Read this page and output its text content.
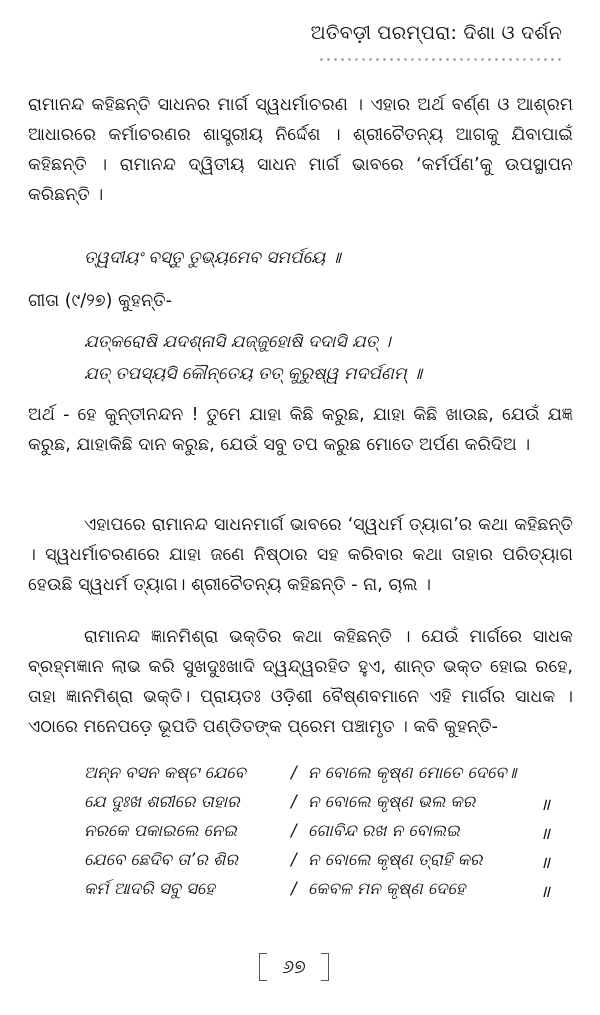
ଅତିବଡ଼ୀ ପରମ୍ପରା: ଦିଶା ଓ ଦର୍ଶନ
ରାମାନନ୍ଦ କହିଛନ୍ତି ସାଧନର ମାର୍ଗ ସ୍ୱଧର୍ମାଚରଣ । ଏହାର ଅର୍ଥ ବର୍ଣ୍ଣ ଓ ଆଶ୍ରମ ଆଧାରରେ କର୍ମାଚରଣର ଶାସ୍ତ୍ରୀୟ ନିର୍ଦ୍ଦେଶ । ଶ୍ରୀଚୈତନ୍ୟ ଆଗକୁ ଯିବାପାଇଁ କହିଛନ୍ତି । ରାମାନନ୍ଦ ଦ୍ୱିତୀୟ ସାଧନ ମାର୍ଗ ଭାବରେ ‘କର୍ମର୍ପଣ’କୁ ଉପସ୍ଥାପନ କରିଛନ୍ତି ।
ତ୍ୱଦୀୟଂ ବସ୍ତୁ ତୁଭ୍ୟମେବ ସମର୍ପୟେ ॥
ଗୀତା (୯/୨୭) କୁହନ୍ତି-
ଯତ୍କରୋଷି ଯଦଶ୍ନାସି ଯଜ୍ଜୁହୋଷି ଦଦାସି ଯତ୍ ।
ଯତ୍ ତପସ୍ୟସି କୌନ୍ତେୟ ତତ୍ କୁରୁଷ୍ୱ ମଦର୍ପଣମ୍ ॥
ଅର୍ଥ - ହେ କୁନ୍ତୀନନ୍ଦନ ! ତୁମେ ଯାହା କିଛି କରୁଛ, ଯାହା କିଛି ଖାଉଛ, ଯେଉଁ ଯଜ୍ଞ କରୁଛ, ଯାହାକିଛି ଦାନ କରୁଛ, ଯେଉଁ ସବୁ ତପ କରୁଛ ମୋତେ ଅର୍ପଣ କରିଦିଅ ।
ଏହାପରେ ରାମାନନ୍ଦ ସାଧନମାର୍ଗ ଭାବରେ ‘ସ୍ୱଧର୍ମ ତ୍ୟାଗ’ର କଥା କହିଛନ୍ତି । ସ୍ୱଧର୍ମାଚରଣରେ ଯାହା ଜଣେ ନିଷ୍ଠାର ସହ କରିବାର କଥା ତାହାର ପରିତ୍ୟାଗ ହେଉଛି ସ୍ୱଧର୍ମ ତ୍ୟାଗ। ଶ୍ରୀଚୈତନ୍ୟ କହିଛନ୍ତି - ନା, ଚାଲ ।
ରାମାନନ୍ଦ ଜ୍ଞାନମିଶ୍ରା ଭକ୍ତିର କଥା କହିଛନ୍ତି । ଯେଉଁ ମାର୍ଗରେ ସାଧକ ବ୍ରହ୍ମଜ୍ଞାନ ଲାଭ କରି ସୁଖଦୁଃଖାଦି ଦ୍ୱନ୍ଦ୍ୱରହିତ ହୁଏ, ଶାନ୍ତ ଭକ୍ତ ହୋଇ ରହେ, ତାହା ଜ୍ଞାନମିଶ୍ରା ଭକ୍ତି। ପ୍ରାୟତଃ ଓଡ଼ିଶୀ ବୈଷ୍ଣବମାନେ ଏହି ମାର୍ଗର ସାଧକ । ଏଠାରେ ମନେପଡ଼େ ଭୂପତି ପଣ୍ଡିତଙ୍କ ପ୍ରେମ ପଞ୍ଚାମୃତ । କବି କୁହନ୍ତି-
ଅନ୍ନ ବସନ କଷ୍ଟ ଯେବେ	/ ନ ବୋଲେ କୃଷ୍ଣ ମୋତେ ଦେବେ॥
ଯେ ଦୁଃଖ ଶରୀରେ ତାହାର	/ ନ ବୋଲେ କୃଷ୍ଣ ଭଲ କର	॥
ନରକେ ପକାଇଲେ ନେଇ	/ ଗୋବିନ୍ଦ ରଖ ନ ବୋଲଇ	॥
ଯେବେ ଛେଦିବ ତା’ର ଶିର	/ ନ ବୋଲେ କୃଷ୍ଣ ତ୍ରାହି କର	॥
କର୍ମ ଆଦରି ସବୁ ସହେ	/ କେବଳ ମନ କୃଷ୍ଣ ଦେହେ	॥
୬୭
